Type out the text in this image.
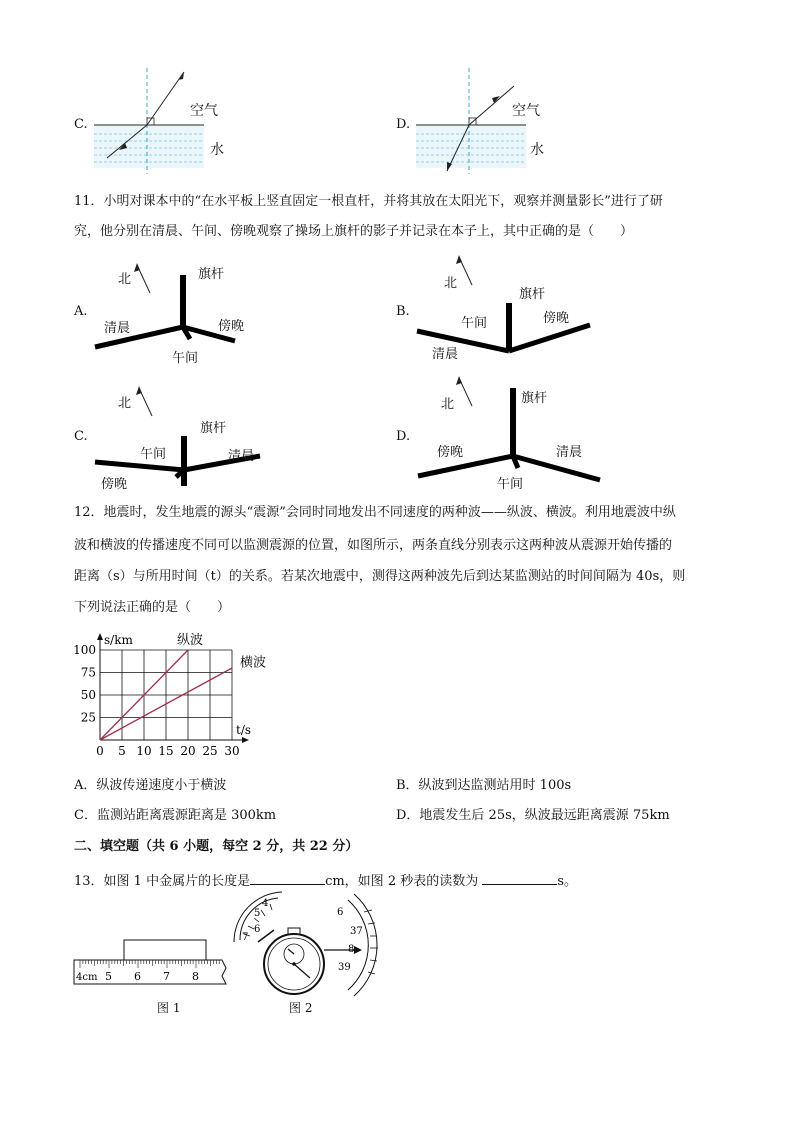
C.
空气
水
D.
空气
水
11．小明对课本中的“在水平板上竖直固定一根直杆，并将其放在太阳光下，观察并测量影长”进行了研
究，他分别在清晨、午间、傍晚观察了操场上旗杆的影子并记录在本子上，其中正确的是（　　）
A.
北	旗杆
清晨	傍晚
午间
B.
北
旗杆
午间	傍晚
清晨
C.
北
旗杆
午间	清晨
傍晚
D.
北	旗杆
傍晚	清晨
午间
12．地震时，发生地震的源头“震源”会同时同地发出不同速度的两种波——纵波、横波。利用地震波中纵
波和横波的传播速度不同可以监测震源的位置，如图所示，两条直线分别表示这两种波从震源开始传播的
距离（s）与所用时间（t）的关系。若某次地震中，测得这两种波先后到达某监测站的时间间隔为 40s，则
下列说法正确的是（　　）
0 5 10 15 20 25 30
25
50
75
100
s/km
t/s
纵波
横波
A．纵波传递速度小于横波	B．纵波到达监测站用时 100s
C．监测站距离震源距离是 300km	D．地震发生后 25s，纵波最远距离震源 75km
二、填空题（共 6 小题，每空 2 分，共 22 分）
13．如图 1 中金属片的长度是	cm，如图 2 秒表的读数为	s。
4cm 5 6 7 8
图 1
4
5
6
7
6
37
8
39
图 2
